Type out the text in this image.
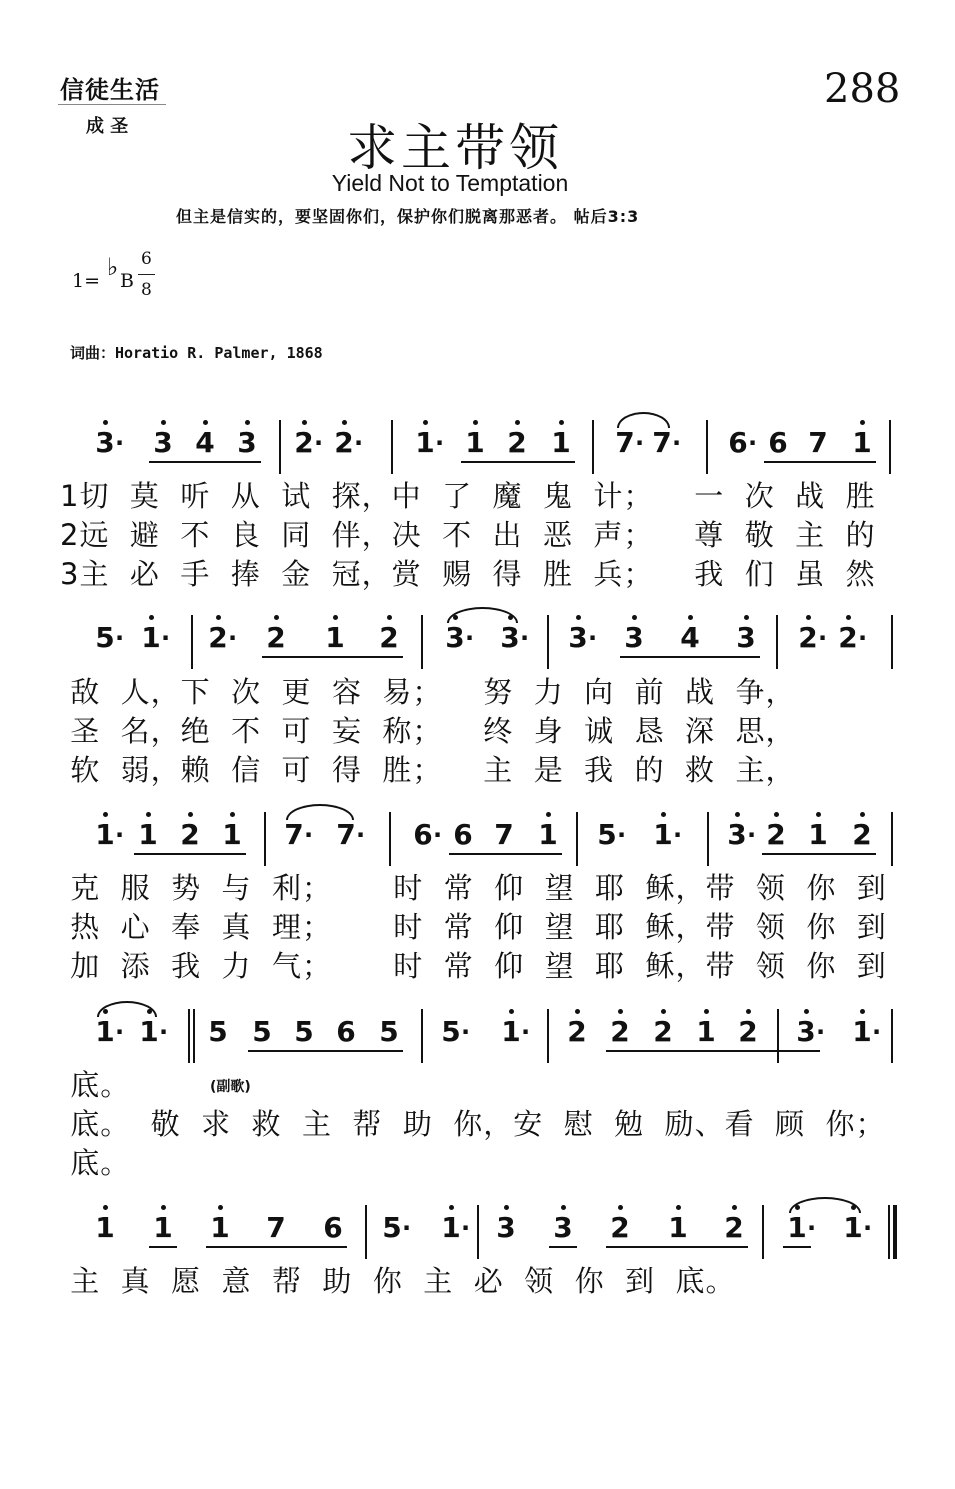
信徒生活
成 圣
288
求主带领
Yield Not to Temptation
但主是信实的，要坚固你们，保护你们脱离那恶者。 帖后3:3
1= ♭ B
6
8
词曲：Horatio R. Palmer, 1868
3 · 3 4 3 2 · 2 · 1 · 1 2 1 7 · 7 · 6 · 6 7 1
5 · 1 · 2 · 2 1 2 3 · 3 · 3 · 3 4 3 2 · 2 ·
1 · 1 2 1 7 · 7 · 6 · 6 7 1 5 · 1 · 3 · 2 1 2
1 · 1 · 5 5 5 6 5 5 · 1 · 2 2 2 1 2 3 · 1 ·
1 1 1 7 6 5 · 1 · 3 3 2 1 2 1 · 1 ·
1切  莫  听  从  试  探，中  了  魔  鬼  计；    一  次  战  胜
2远  避  不  良  同  伴，决  不  出  恶  声；    尊  敬  主  的
3主  必  手  捧  金  冠，赏  赐  得  胜  兵；    我  们  虽  然
敌  人，下  次  更  容  易；    努  力  向  前  战  争，
圣  名，绝  不  可  妄  称；    终  身  诚  恳  深  思，
软  弱，赖  信  可  得  胜；    主  是  我  的  救  主，
克  服  势  与  利；      时  常  仰  望  耶  稣，带  领  你  到
热  心  奉  真  理；      时  常  仰  望  耶  稣，带  领  你  到
加  添  我  力  气；      时  常  仰  望  耶  稣，带  领  你  到
(副歌)
底。
底。  敬  求  救  主  帮  助  你，安  慰  勉  励、看  顾  你；
底。
主  真  愿  意  帮  助  你  主  必  领  你  到  底。
